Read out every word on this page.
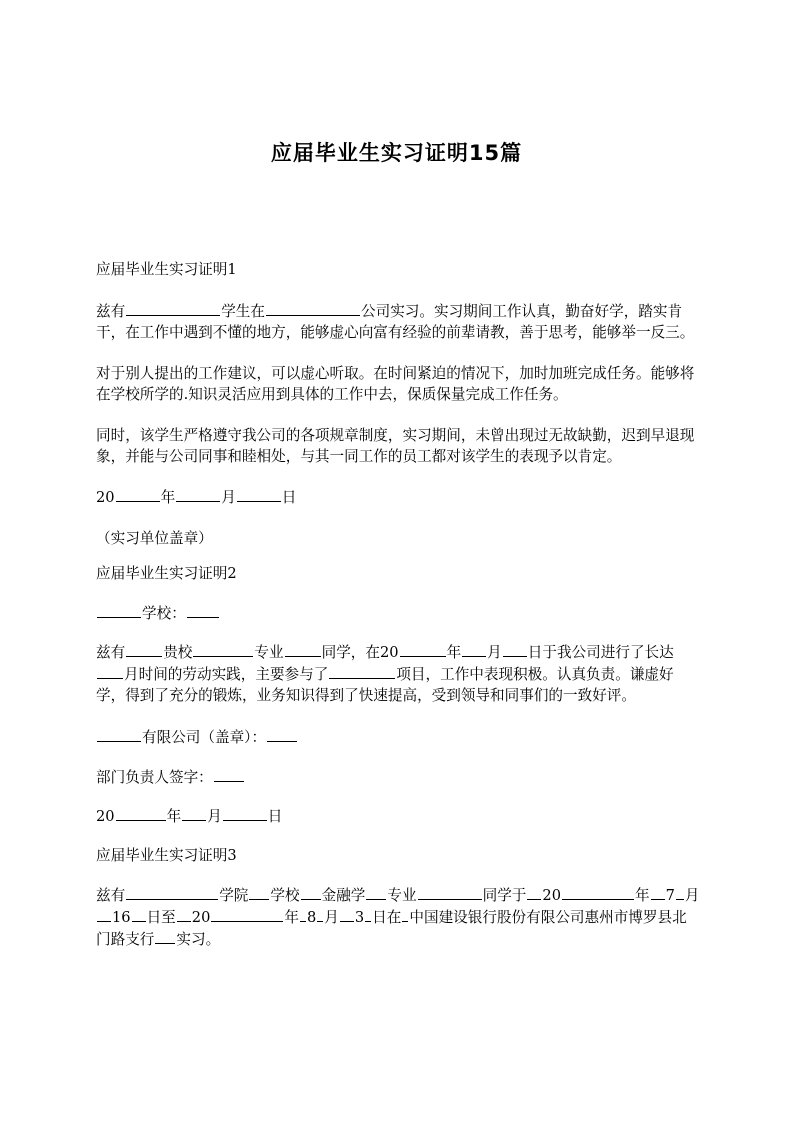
应届毕业生实习证明15篇

应届毕业生实习证明1

兹有	学生在	公司实习。实习期间工作认真，勤奋好学，踏实肯干，在工作中遇到不懂的地方，能够虚心向富有经验的前辈请教，善于思考，能够举一反三。

对于别人提出的工作建议，可以虚心听取。在时间紧迫的情况下，加时加班完成任务。能够将在学校所学的.知识灵活应用到具体的工作中去，保质保量完成工作任务。

同时，该学生严格遵守我公司的各项规章制度，实习期间，未曾出现过无故缺勤，迟到早退现象，并能与公司同事和睦相处，与其一同工作的员工都对该学生的表现予以肯定。

20	年	月	日

（实习单位盖章）

应届毕业生实习证明2

学校：

兹有	贵校	专业	同学，在20	年 月 日于我公司进行了长达月时间的劳动实践，主要参与了	项目，工作中表现积极。认真负责。谦虚好学，得到了充分的锻炼，业务知识得到了快速提高，受到领导和同事们的一致好评。

有限公司（盖章）：

部门负责人签字：

20	年 月	日

应届毕业生实习证明3

兹有	学院 学校 金融学 专业	同学于 20	年 7 月16 日至 20	年 8 月 3 日在 中国建设银行股份有限公司惠州市博罗县北门路支行 实习。
